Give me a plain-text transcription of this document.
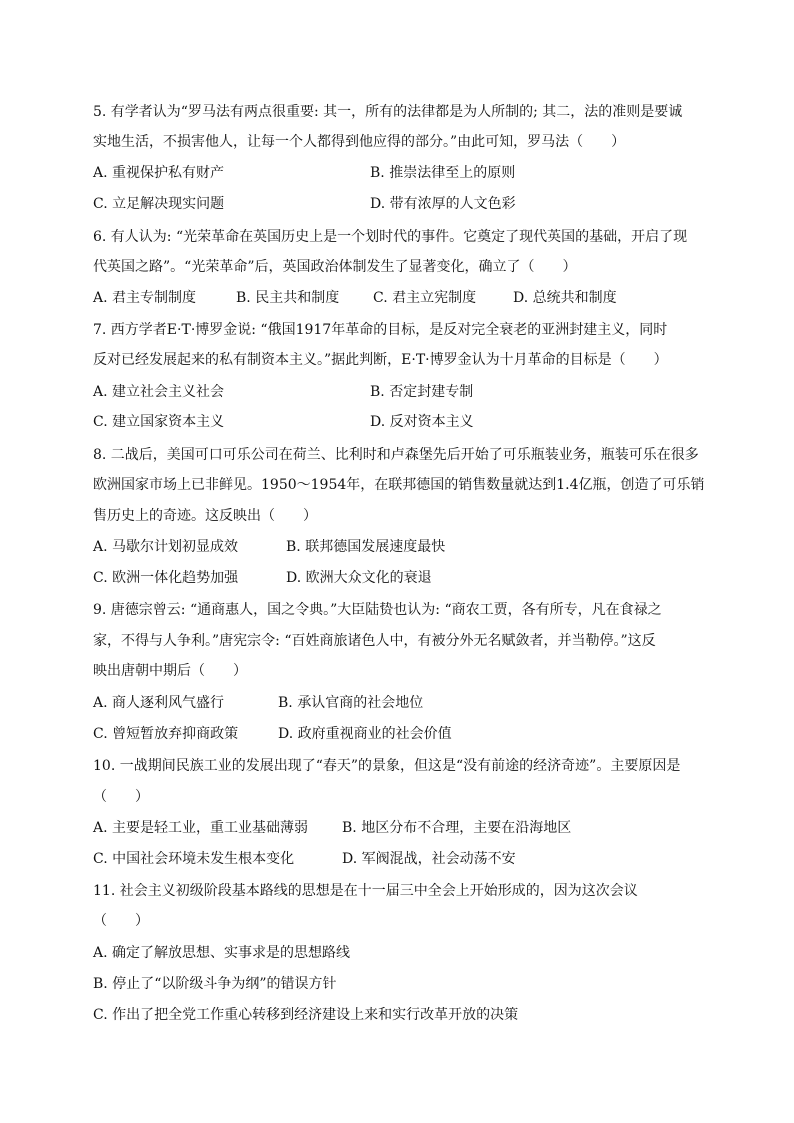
5. 有学者认为“罗马法有两点很重要: 其一，所有的法律都是为人所制的; 其二，法的准则是要诚
实地生活，不损害他人，让每一个人都得到他应得的部分。”由此可知，罗马法（　　）
A. 重视保护私有财产	B. 推崇法律至上的原则
C. 立足解决现实问题	D. 带有浓厚的人文色彩
6. 有人认为: “光荣革命在英国历史上是一个划时代的事件。它奠定了现代英国的基础，开启了现
代英国之路”。“光荣革命”后，英国政治体制发生了显著变化，确立了（　　）
A. 君主专制制度	B. 民主共和制度 C. 君主立宪制度	D. 总统共和制度
7. 西方学者E·T·博罗金说: “俄国1917年革命的目标，是反对完全衰老的亚洲封建主义，同时
反对已经发展起来的私有制资本主义。”据此判断，E·T·博罗金认为十月革命的目标是（　　）
A. 建立社会主义社会	B. 否定封建专制
C. 建立国家资本主义	D. 反对资本主义
8. 二战后，美国可口可乐公司在荷兰、比利时和卢森堡先后开始了可乐瓶装业务，瓶装可乐在很多
欧洲国家市场上已非鲜见。1950～1954年，在联邦德国的销售数量就达到1.4亿瓶，创造了可乐销
售历史上的奇迹。这反映出（　　）
A. 马歇尔计划初显成效	B. 联邦德国发展速度最快
C. 欧洲一体化趋势加强	D. 欧洲大众文化的衰退
9. 唐德宗曾云: “通商惠人，国之令典。”大臣陆贽也认为: “商农工贾，各有所专，凡在食禄之
家，不得与人争利。”唐宪宗令: “百姓商旅诸色人中，有被分外无名赋敛者，并当勒停。”这反
映出唐朝中期后（　　）
A. 商人逐利风气盛行	B. 承认官商的社会地位
C. 曾短暂放弃抑商政策	D. 政府重视商业的社会价值
10. 一战期间民族工业的发展出现了“春天”的景象，但这是“没有前途的经济奇迹”。主要原因是
（　　）
A. 主要是轻工业，重工业基础薄弱 B. 地区分布不合理，主要在沿海地区
C. 中国社会环境未发生根本变化	D. 军阀混战，社会动荡不安
11. 社会主义初级阶段基本路线的思想是在十一届三中全会上开始形成的，因为这次会议
（　　）
A. 确定了解放思想、实事求是的思想路线
B. 停止了“以阶级斗争为纲”的错误方针
C. 作出了把全党工作重心转移到经济建设上来和实行改革开放的决策
